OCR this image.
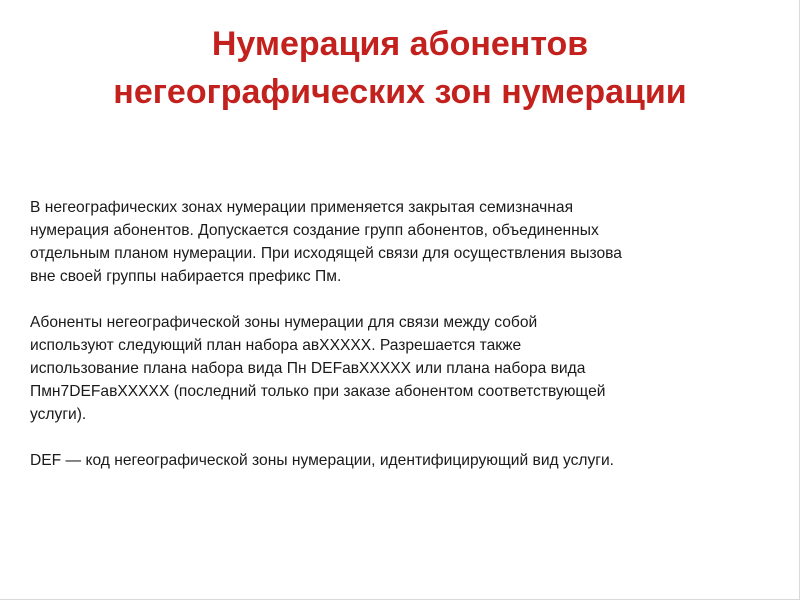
Нумерация абонентов
негеографических зон нумерации

В негеографических зонах нумерации применяется закрытая семизначная
нумерация абонентов. Допускается создание групп абонентов, объединенных
отдельным планом нумерации. При исходящей связи для осуществления вызова
вне своей группы набирается префикс Пм.

Абоненты негеографической зоны нумерации для связи между собой
используют следующий план набора авХХХХХ. Разрешается также
использование плана набора вида Пн DEFавXXXXX или плана набора вида
Пмн7DEFавXXXXX (последний только при заказе абонентом соответствующей
услуги).

DEF — код негеографической зоны нумерации, идентифицирующий вид услуги.
